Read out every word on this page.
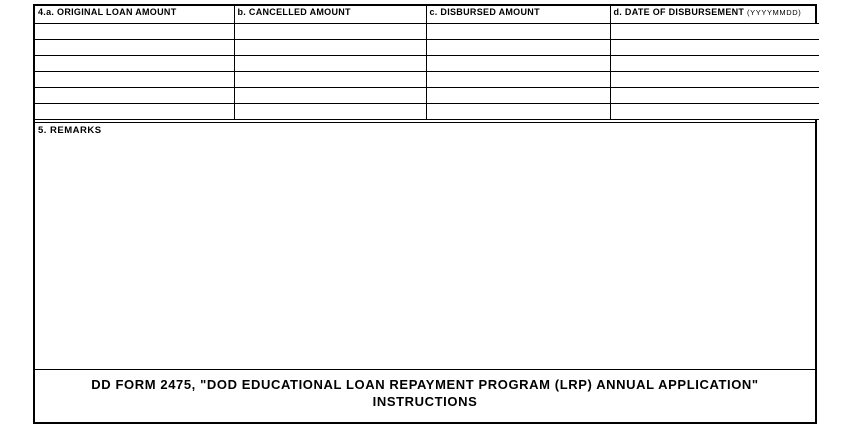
4.a. ORIGINAL LOAN AMOUNT	b. CANCELLED AMOUNT	c. DISBURSED AMOUNT	d. DATE OF DISBURSEMENT (YYYYMMDD)

5. REMARKS
DD FORM 2475, "DOD EDUCATIONAL LOAN REPAYMENT PROGRAM (LRP) ANNUAL APPLICATION"
INSTRUCTIONS
